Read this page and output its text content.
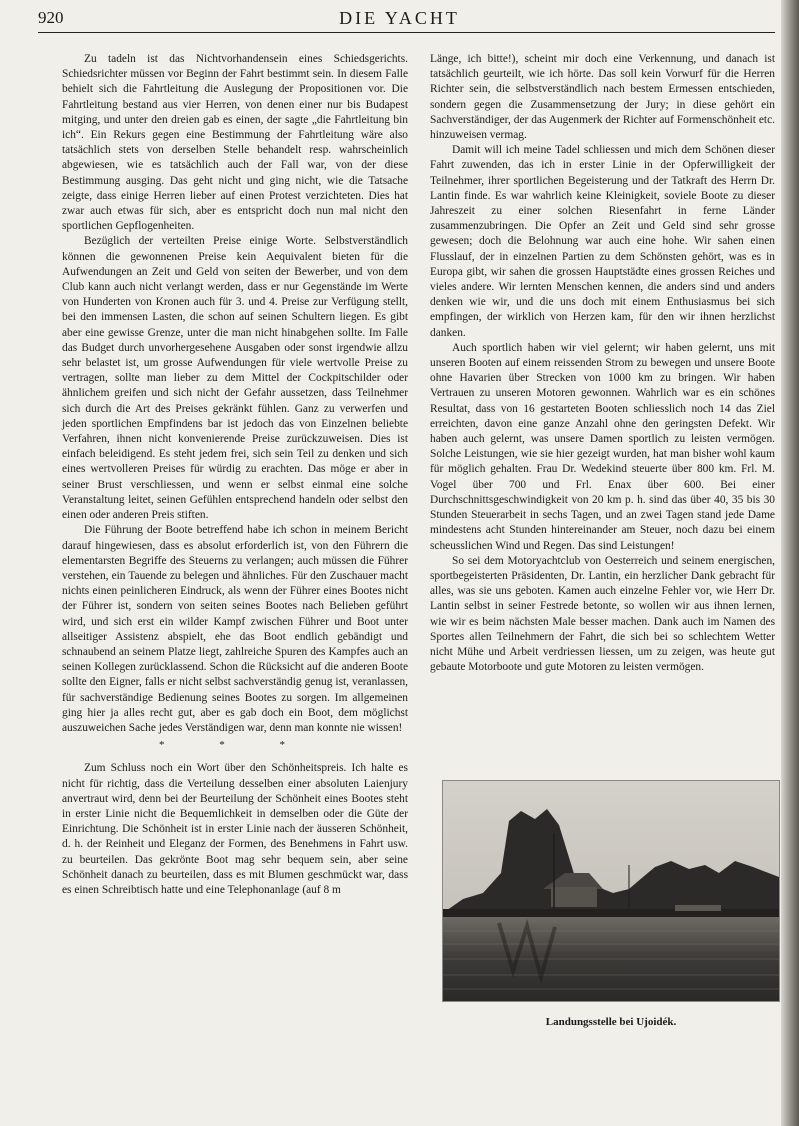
920	DIE YACHT

Zu tadeln ist das Nichtvorhandensein eines Schiedsgerichts. Schiedsrichter müssen vor Beginn der Fahrt bestimmt sein. In diesem Falle behielt sich die Fahrtleitung die Auslegung der Propositionen vor. Die Fahrtleitung bestand aus vier Herren, von denen einer nur bis Budapest mitging, und unter den dreien gab es einen, der sagte „die Fahrtleitung bin ich“. Ein Rekurs gegen eine Bestimmung der Fahrtleitung wäre also tatsächlich stets von derselben Stelle behandelt resp. wahrscheinlich abgewiesen, wie es tatsächlich auch der Fall war, von der diese Bestimmung ausging. Das geht nicht und ging nicht, wie die Tatsache zeigte, dass einige Herren lieber auf einen Protest verzichteten. Dies hat zwar auch etwas für sich, aber es entspricht doch nun mal nicht den sportlichen Gepflogenheiten.

Bezüglich der verteilten Preise einige Worte. Selbstverständlich können die gewonnenen Preise kein Aequivalent bieten für die Aufwendungen an Zeit und Geld von seiten der Bewerber, und von dem Club kann auch nicht verlangt werden, dass er nur Gegenstände im Werte von Hunderten von Kronen auch für 3. und 4. Preise zur Verfügung stellt, bei den immensen Lasten, die schon auf seinen Schultern liegen. Es gibt aber eine gewisse Grenze, unter die man nicht hinabgehen sollte. Im Falle das Budget durch unvorhergesehene Ausgaben oder sonst irgendwie allzu sehr belastet ist, um grosse Aufwendungen für viele wertvolle Preise zu vertragen, sollte man lieber zu dem Mittel der Cockpitschilder oder ähnlichem greifen und sich nicht der Gefahr aussetzen, dass Teilnehmer sich durch die Art des Preises gekränkt fühlen. Ganz zu verwerfen und jeden sportlichen Empfindens bar ist jedoch das von Einzelnen beliebte Verfahren, ihnen nicht konvenierende Preise zurückzuweisen. Dies ist einfach beleidigend. Es steht jedem frei, sich sein Teil zu denken und sich eines wertvolleren Preises für würdig zu erachten. Das möge er aber in seiner Brust verschliessen, und wenn er selbst einmal eine solche Veranstaltung leitet, seinen Gefühlen entsprechend handeln oder selbst den einen oder anderen Preis stiften.

Die Führung der Boote betreffend habe ich schon in meinem Bericht darauf hingewiesen, dass es absolut erforderlich ist, von den Führern die elementarsten Begriffe des Steuerns zu verlangen; auch müssen die Führer verstehen, ein Tauende zu belegen und ähnliches. Für den Zuschauer macht nichts einen peinlicheren Eindruck, als wenn der Führer eines Bootes nicht der Führer ist, sondern von seiten seines Bootes nach Belieben geführt wird, und sich erst ein wilder Kampf zwischen Führer und Boot unter allseitiger Assistenz abspielt, ehe das Boot endlich gebändigt und schnaubend an seinem Platze liegt, zahlreiche Spuren des Kampfes auch an seinen Kollegen zurücklassend. Schon die Rücksicht auf die anderen Boote sollte den Eigner, falls er nicht selbst sachverständig genug ist, veranlassen, für sachverständige Bedienung seines Bootes zu sorgen. Im allgemeinen ging hier ja alles recht gut, aber es gab doch ein Boot, dem möglichst auszuweichen Sache jedes Verständigen war, denn man konnte nie wissen!

* * *

Zum Schluss noch ein Wort über den Schönheitspreis. Ich halte es nicht für richtig, dass die Verteilung desselben einer absoluten Laienjury anvertraut wird, denn bei der Beurteilung der Schönheit eines Bootes steht in erster Linie nicht die Bequemlichkeit in demselben oder die Güte der Einrichtung. Die Schönheit ist in erster Linie nach der äusseren Schönheit, d. h. der Reinheit und Eleganz der Formen, des Benehmens in Fahrt usw. zu beurteilen. Das gekrönte Boot mag sehr bequem sein, aber seine Schönheit danach zu beurteilen, dass es mit Blumen geschmückt war, dass es einen Schreibtisch hatte und eine Telephonanlage (auf 8 m

Länge, ich bitte!), scheint mir doch eine Verkennung, und danach ist tatsächlich geurteilt, wie ich hörte. Das soll kein Vorwurf für die Herren Richter sein, die selbstverständlich nach bestem Ermessen entschieden, sondern gegen die Zusammensetzung der Jury; in diese gehört ein Sachverständiger, der das Augenmerk der Richter auf Formenschönheit etc. hinzuweisen vermag.

Damit will ich meine Tadel schliessen und mich dem Schönen dieser Fahrt zuwenden, das ich in erster Linie in der Opferwilligkeit der Teilnehmer, ihrer sportlichen Begeisterung und der Tatkraft des Herrn Dr. Lantin finde. Es war wahrlich keine Kleinigkeit, soviele Boote zu dieser Jahreszeit zu einer solchen Riesenfahrt in ferne Länder zusammenzubringen. Die Opfer an Zeit und Geld sind sehr grosse gewesen; doch die Belohnung war auch eine hohe. Wir sahen einen Flusslauf, der in einzelnen Partien zu dem Schönsten gehört, was es in Europa gibt, wir sahen die grossen Hauptstädte eines grossen Reiches und vieles andere. Wir lernten Menschen kennen, die anders sind und anders denken wie wir, und die uns doch mit einem Enthusiasmus bei sich empfingen, der wirklich von Herzen kam, für den wir ihnen herzlichst danken.

Auch sportlich haben wir viel gelernt; wir haben gelernt, uns mit unseren Booten auf einem reissenden Strom zu bewegen und unsere Boote ohne Havarien über Strecken von 1000 km zu bringen. Wir haben Vertrauen zu unseren Motoren gewonnen. Wahrlich war es ein schönes Resultat, dass von 16 gestarteten Booten schliesslich noch 14 das Ziel erreichten, davon eine ganze Anzahl ohne den geringsten Defekt. Wir haben auch gelernt, was unsere Damen sportlich zu leisten vermögen. Solche Leistungen, wie sie hier gezeigt wurden, hat man bisher wohl kaum für möglich gehalten. Frau Dr. Wedekind steuerte über 800 km. Frl. M. Vogel über 700 und Frl. Enax über 600. Bei einer Durchschnittsgeschwindigkeit von 20 km p. h. sind das über 40, 35 bis 30 Stunden Steuerarbeit in sechs Tagen, und an zwei Tagen stand jede Dame mindestens acht Stunden hintereinander am Steuer, noch dazu bei einem scheusslichen Wind und Regen. Das sind Leistungen!

So sei dem Motoryachtclub von Oesterreich und seinem energischen, sportbegeisterten Präsidenten, Dr. Lantin, ein herzlicher Dank gebracht für alles, was sie uns geboten. Kamen auch einzelne Fehler vor, wie Herr Dr. Lantin selbst in seiner Festrede betonte, so wollen wir aus ihnen lernen, wie wir es beim nächsten Male besser machen. Dank auch im Namen des Sportes allen Teilnehmern der Fahrt, die sich bei so schlechtem Wetter nicht Mühe und Arbeit verdriessen liessen, um zu zeigen, was heute gut gebaute Motorboote und gute Motoren zu leisten vermögen.

Landungsstelle bei Ujoidék.
